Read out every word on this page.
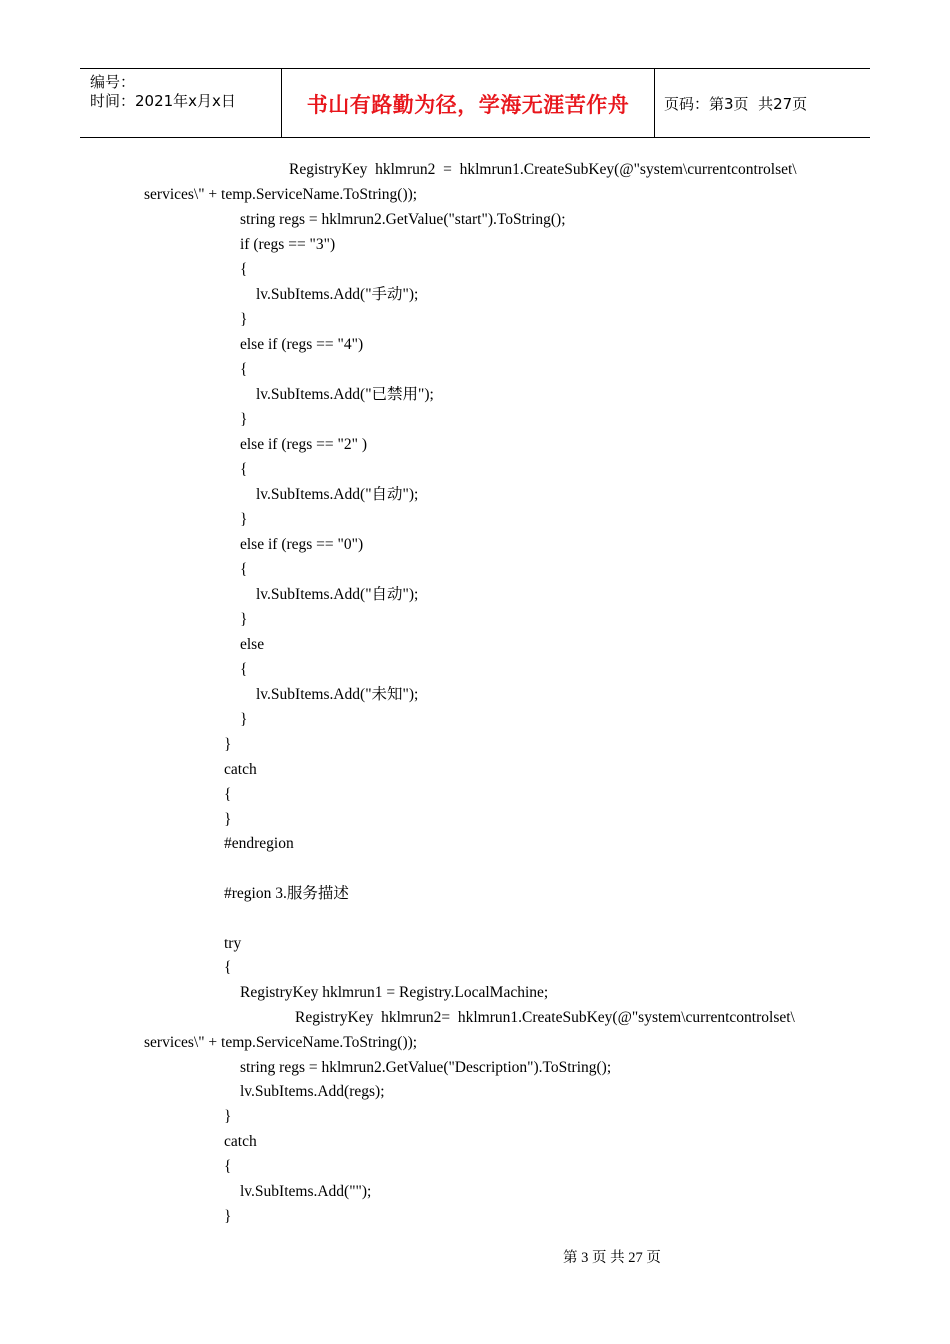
编号：
时间：2021年x月x日	书山有路勤为径，学海无涯苦作舟	页码：第3页  共27页
RegistryKey  hklmrun2  =  hklmrun1.CreateSubKey(@"system\currentcontrolset\
services\" + temp.ServiceName.ToString());
string regs = hklmrun2.GetValue("start").ToString();
if (regs == "3")
{
lv.SubItems.Add("手动");
}
else if (regs == "4")
{
lv.SubItems.Add("已禁用");
}
else if (regs == "2" )
{
lv.SubItems.Add("自动");
}
else if (regs == "0")
{
lv.SubItems.Add("自动");
}
else
{
lv.SubItems.Add("未知");
}
}
catch
{
}
#endregion
#region 3.服务描述
try
{
RegistryKey hklmrun1 = Registry.LocalMachine;
RegistryKey  hklmrun2=  hklmrun1.CreateSubKey(@"system\currentcontrolset\
services\" + temp.ServiceName.ToString());
string regs = hklmrun2.GetValue("Description").ToString();
lv.SubItems.Add(regs);
}
catch
{
lv.SubItems.Add("");
}
第 3 页 共 27 页
